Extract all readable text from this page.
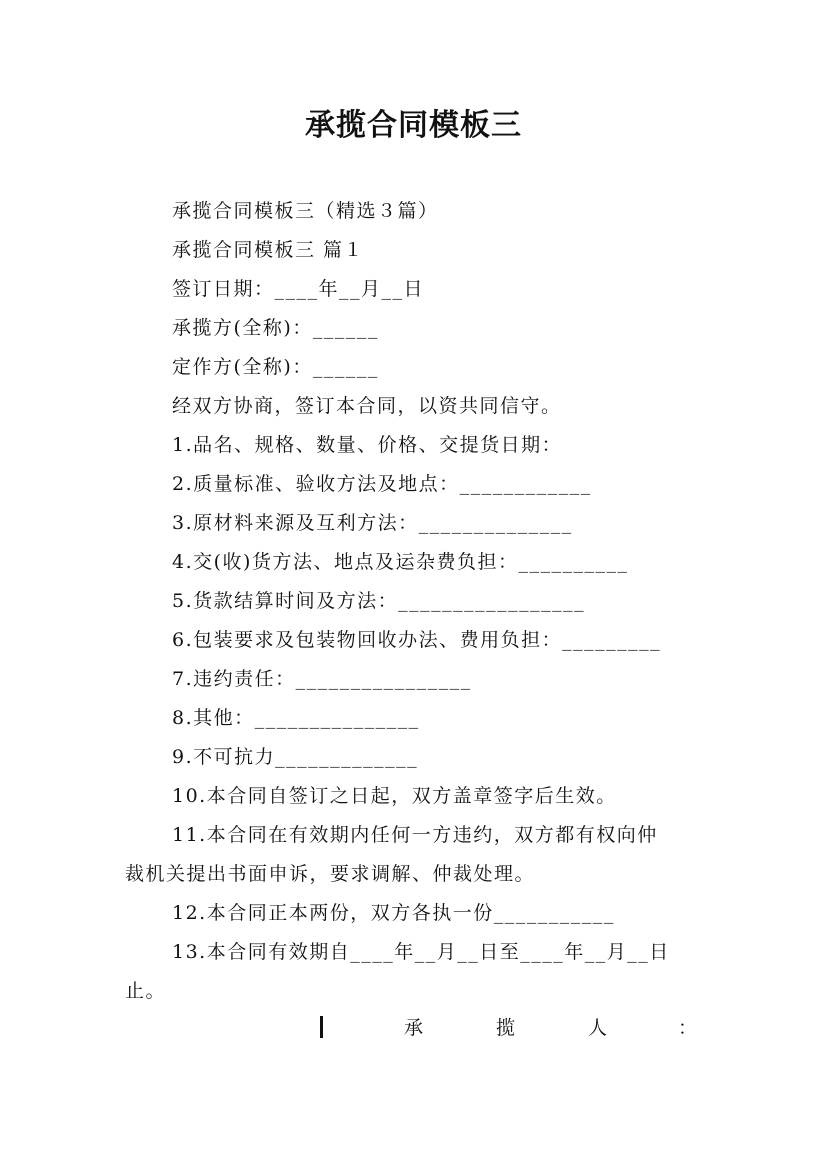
承揽合同模板三
承揽合同模板三（精选３篇）
承揽合同模板三 篇１
签订日期：____年__月__日
承揽方(全称)：______
定作方(全称)：______
经双方协商，签订本合同，以资共同信守。
1.品名、规格、数量、价格、交提货日期：
2.质量标准、验收方法及地点：____________
3.原材料来源及互利方法：______________
4.交(收)货方法、地点及运杂费负担：__________
5.货款结算时间及方法：_________________
6.包装要求及包装物回收办法、费用负担：_________
7.违约责任：________________
8.其他：_______________
9.不可抗力_____________
10.本合同自签订之日起，双方盖章签字后生效。
11.本合同在有效期内任何一方违约，双方都有权向仲
裁机关提出书面申诉，要求调解、仲裁处理。
12.本合同正本两份，双方各执一份___________
13.本合同有效期自____年__月__日至____年__月__日
止。
承	揽	人	：
